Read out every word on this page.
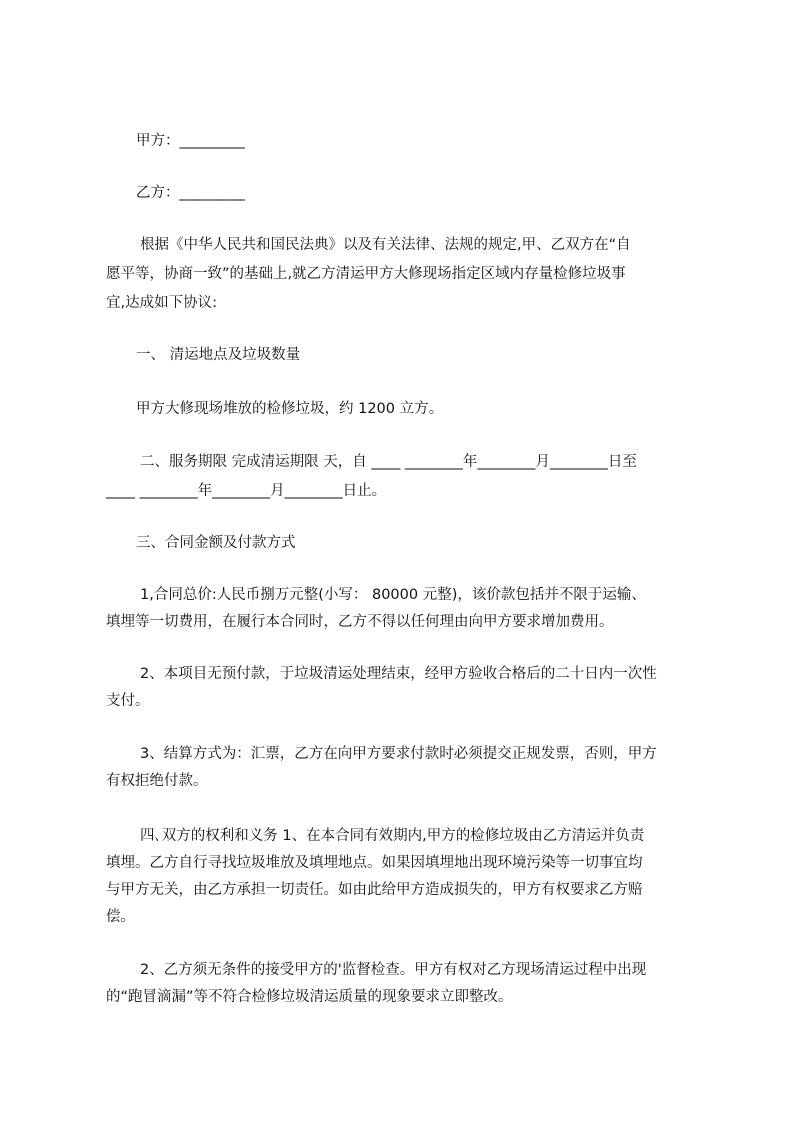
甲方：_________
乙方：_________
根据《中华人民共和国民法典》以及有关法律、法规的规定,甲、乙双方在“自
愿平等，协商一致”的基础上,就乙方清运甲方大修现场指定区域内存量检修垃圾事
宜,达成如下协议:
一、 清运地点及垃圾数量
甲方大修现场堆放的检修垃圾，约 1200 立方。
二、服务期限 完成清运期限 天，自 ____ ________年________月________日至
____ ________年________月________日止。
三、合同金额及付款方式
1,合同总价:人民币捌万元整(小写： 80000 元整)，该价款包括并不限于运输、
填埋等一切费用，在履行本合同时，乙方不得以任何理由向甲方要求增加费用。
2、本项目无预付款，于垃圾清运处理结束，经甲方验收合格后的二十日内一次性
支付。
3、结算方式为：汇票，乙方在向甲方要求付款时必须提交正规发票，否则，甲方
有权拒绝付款。
四､双方的权利和义务 1、在本合同有效期内,甲方的检修垃圾由乙方清运并负责
填埋。乙方自行寻找垃圾堆放及填埋地点。如果因填埋地出现环境污染等一切事宜均
与甲方无关，由乙方承担一切责任。如由此给甲方造成损失的，甲方有权要求乙方赔
偿。
2、乙方须无条件的接受甲方的'监督检查。甲方有权对乙方现场清运过程中出现
的“跑冒滴漏”等不符合检修垃圾清运质量的现象要求立即整改。
